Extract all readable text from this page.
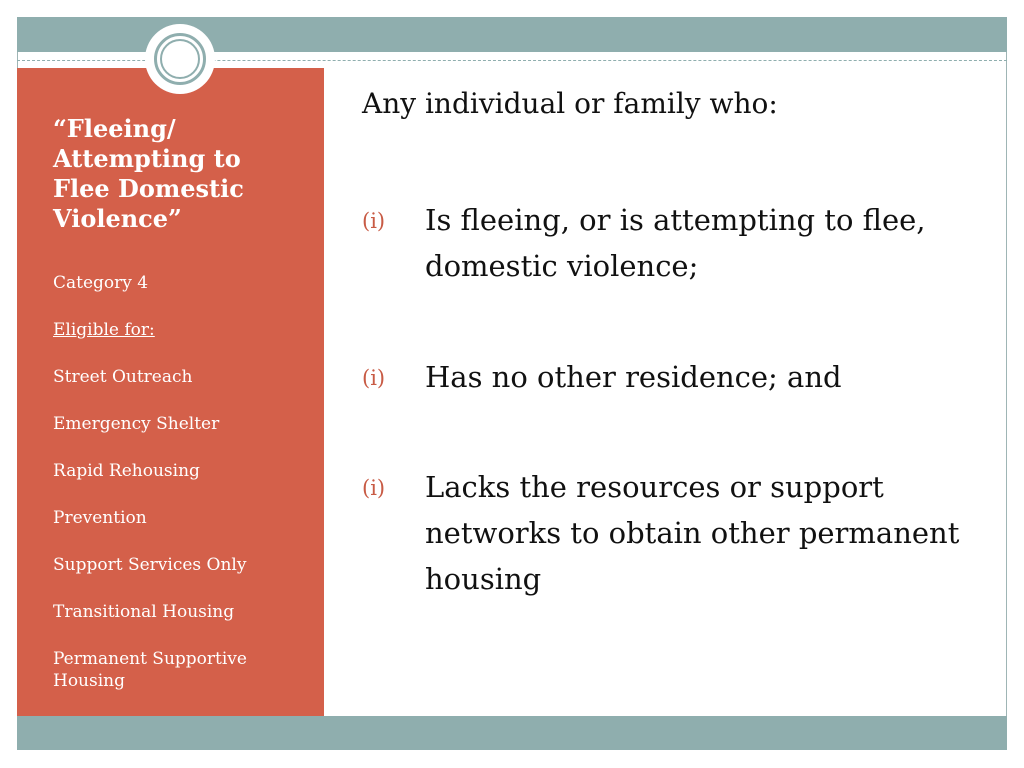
“Fleeing/ Attempting to Flee Domestic Violence”
Category 4
Eligible for:
Street Outreach
Emergency Shelter
Rapid Rehousing
Prevention
Support Services Only
Transitional Housing
Permanent Supportive Housing

Any individual or family who:

(i) Is fleeing, or is attempting to flee, domestic violence;

(i) Has no other residence; and

(i) Lacks the resources or support networks to obtain other permanent housing
